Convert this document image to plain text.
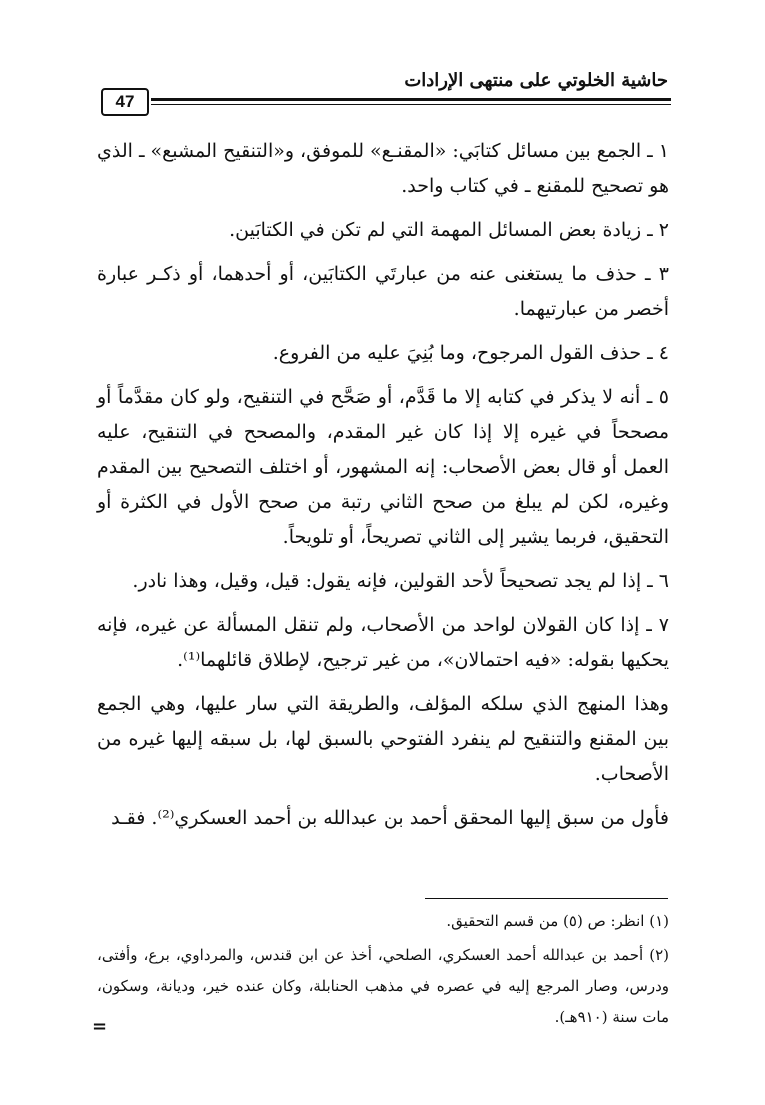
حاشية الخلوتي على منتهى الإرادات
47

١ ـ الجمع بين مسائل كتابَي: «المقنـع» للموفق، و«التنقيح المشبع» ـ الذي هو تصحيح للمقنع ـ في كتاب واحد.

٢ ـ زيادة بعض المسائل المهمة التي لم تكن في الكتابَين.

٣ ـ حذف ما يستغنى عنه من عبارتَي الكتابَين، أو أحدهما، أو ذكـر عبارة أخصر من عبارتيهما.

٤ ـ حذف القول المرجوح، وما بُنِيَ عليه من الفروع.

٥ ـ أنه لا يذكر في كتابه إلا ما قَدَّم، أو صَحَّح في التنقيح، ولو كان مقدَّماً أو مصححاً في غيره إلا إذا كان غير المقدم، والمصحح في التنقيح، عليه العمل أو قال بعض الأصحاب: إنه المشهور، أو اختلف التصحيح بين المقدم وغيره، لكن لم يبلغ من صحح الثاني رتبة من صحح الأول في الكثرة أو التحقيق، فربما يشير إلى الثاني تصريحاً، أو تلويحاً.

٦ ـ إذا لم يجد تصحيحاً لأحد القولين، فإنه يقول: قيل، وقيل، وهذا نادر.

٧ ـ إذا كان القولان لواحد من الأصحاب، ولم تنقل المسألة عن غيره، فإنه يحكيها بقوله: «فيه احتمالان»، من غير ترجيح، لإطلاق قائلهما⁽¹⁾.

وهذا المنهج الذي سلكه المؤلف، والطريقة التي سار عليها، وهي الجمع بين المقنع والتنقيح لم ينفرد الفتوحي بالسبق لها، بل سبقه إليها غيره من الأصحاب.

فأول من سبق إليها المحقق أحمد بن عبدالله بن أحمد العسكري⁽²⁾. فقـد

(١) انظر: ص (٥) من قسم التحقيق.

(٢) أحمد بن عبدالله أحمد العسكري، الصلحي، أخذ عن ابن قندس، والمرداوي، برع، وأفتى، ودرس، وصار المرجع إليه في عصره في مذهب الحنابلة، وكان عنده خير، وديانة، وسكون، مات سنة (٩١٠هـ).

=
